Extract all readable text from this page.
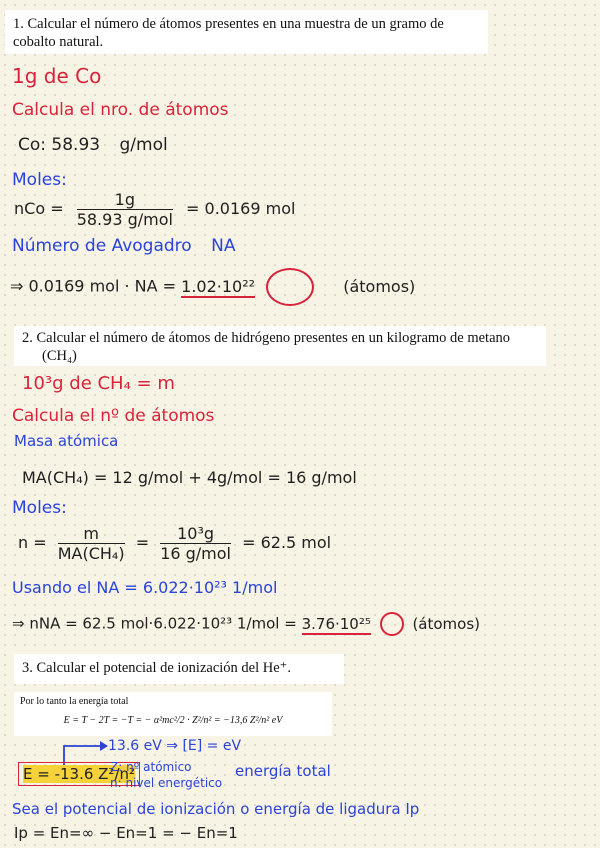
1. Calcular el número de átomos presentes en una muestra de un gramo de cobalto natural.
1g de Co
Calcula el nro. de átomos
Co: 58.93 g/mol
Moles:
nCo = $\frac{1g}{\text{58.93 g/mol}} = 0.0169$ mol
Número de Avogadro NA
⇒ 0.0169 mol · NA = 1.02·10²²	(átomos)
2. Calcular el número de átomos de hidrógeno presentes en un kilogramo de metano
(CH₄)
10³g de CH₄ = m
Calcula el nº de átomos
Masa atómica
MA(CH₄) = 12 g/mol + 4g/mol = 16 g/mol
Moles:
$n = \frac{m}{\text{MA(CH₄)}} = \frac{\text{10³g}}{\text{16 g/mol}} = 62.5$ mol
Usando el NA = 6.022·10²³ 1/mol
⇒ nNA = 62.5 mol·6.022·10²³ 1/mol = 3.76·10²⁵	(átomos)
3. Calcular el potencial de ionización del He⁺.
Por lo tanto la energía total
E = T − 2T = −T = − α²mc²/2 · Z²/n² = −13,6 Z²/n² eV
13.6 eV ⇒ [E] = eV
E = -13.6 Z²/n²
Z: nº atómico
n: nivel energético
energía total
Sea el potencial de ionización o energía de ligadura Ip
Ip = En=∞ − En=1 = − En=1
